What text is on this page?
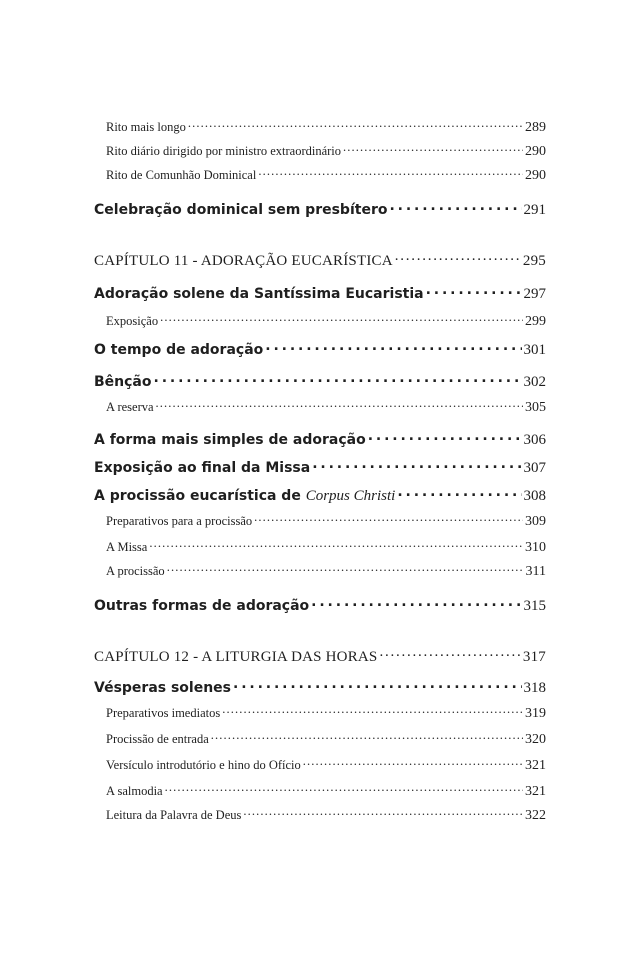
Rito mais longo . . .	289
Rito diário dirigido por ministro extraordinário . . .	290
Rito de Comunhão Dominical . . .	290
Celebração dominical sem presbítero . . .	291
CAPÍTULO 11 - ADORAÇÃO EUCARÍSTICA . . .	295
Adoração solene da Santíssima Eucaristia . . .	297
Exposição . . .	299
O tempo de adoração . . .	301
Bênção . . .	302
A reserva . . .	305
A forma mais simples de adoração . . .	306
Exposição ao final da Missa . . .	307
A procissão eucarística de
Corpus Christi . . .	308
Preparativos para a procissão . . .	309
A Missa . . .	310
A procissão . . .	311
Outras formas de adoração . . .	315
CAPÍTULO 12 - A LITURGIA DAS HORAS . . .	317
Vésperas solenes . . .	318
Preparativos imediatos . . .	319
Procissão de entrada . . .	320
Versículo introdutório e hino do Ofício . . .	321
A salmodia . . .	321
Leitura da Palavra de Deus . . .	322
